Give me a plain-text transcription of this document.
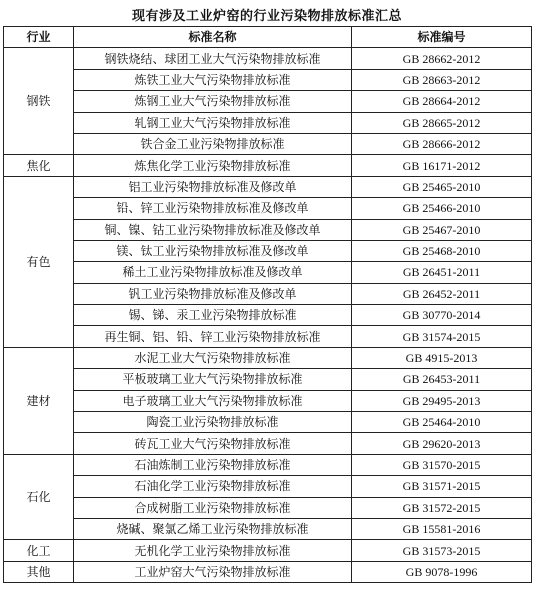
现有涉及工业炉窑的行业污染物排放标准汇总
行业	标准名称	标准编号
钢铁	钢铁烧结、球团工业大气污染物排放标准	GB 28662-2012
	炼铁工业大气污染物排放标准	GB 28663-2012
	炼钢工业大气污染物排放标准	GB 28664-2012
	轧钢工业大气污染物排放标准	GB 28665-2012
	铁合金工业污染物排放标准	GB 28666-2012
焦化	炼焦化学工业污染物排放标准	GB 16171-2012
有色	铝工业污染物排放标准及修改单	GB 25465-2010
	铅、锌工业污染物排放标准及修改单	GB 25466-2010
	铜、镍、钴工业污染物排放标准及修改单	GB 25467-2010
	镁、钛工业污染物排放标准及修改单	GB 25468-2010
	稀土工业污染物排放标准及修改单	GB 26451-2011
	钒工业污染物排放标准及修改单	GB 26452-2011
	锡、锑、汞工业污染物排放标准	GB 30770-2014
	再生铜、铝、铅、锌工业污染物排放标准	GB 31574-2015
建材	水泥工业大气污染物排放标准	GB 4915-2013
	平板玻璃工业大气污染物排放标准	GB 26453-2011
	电子玻璃工业大气污染物排放标准	GB 29495-2013
	陶瓷工业污染物排放标准	GB 25464-2010
	砖瓦工业大气污染物排放标准	GB 29620-2013
石化	石油炼制工业污染物排放标准	GB 31570-2015
	石油化学工业污染物排放标准	GB 31571-2015
	合成树脂工业污染物排放标准	GB 31572-2015
	烧碱、聚氯乙烯工业污染物排放标准	GB 15581-2016
化工	无机化学工业污染物排放标准	GB 31573-2015
其他	工业炉窑大气污染物排放标准	GB 9078-1996
